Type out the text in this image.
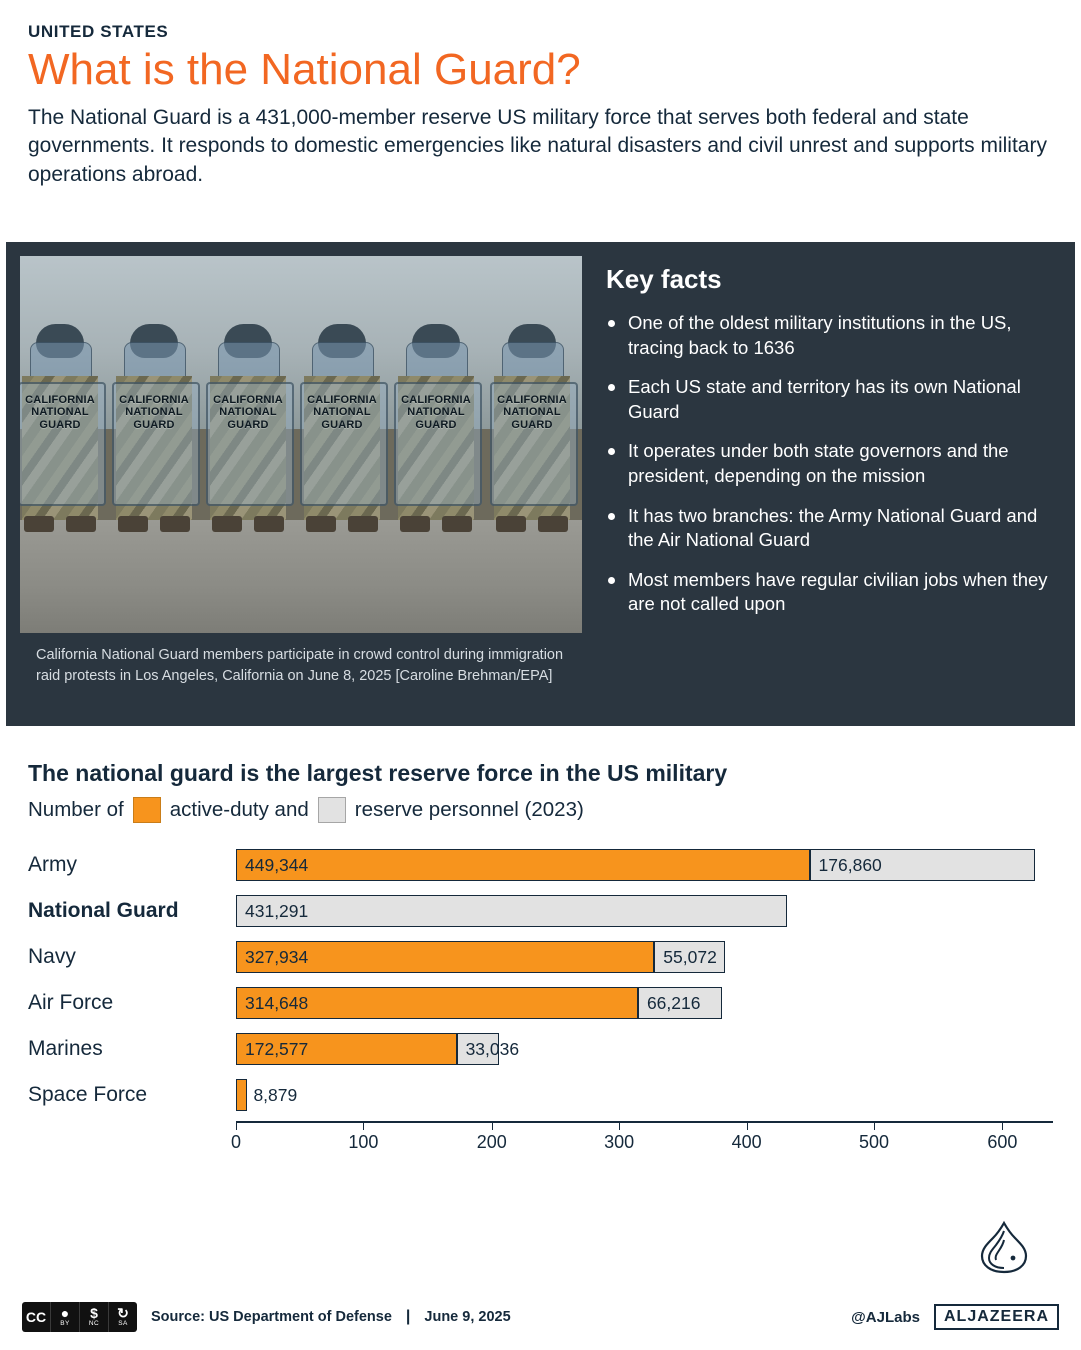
UNITED STATES
What is the National Guard?

The National Guard is a 431,000-member reserve US military force that serves both federal and state governments. It responds to domestic emergencies like natural disasters and civil unrest and supports military operations abroad.

CALIFORNIA NATIONAL GUARD
CALIFORNIA NATIONAL GUARD
CALIFORNIA NATIONAL GUARD
CALIFORNIA NATIONAL GUARD
CALIFORNIA NATIONAL GUARD
CALIFORNIA NATIONAL GUARD
California National Guard members participate in crowd control during immigration raid protests in Los Angeles, California on June 8, 2025 [Caroline Brehman/EPA]
Key facts
One of the oldest military institutions in the US, tracing back to 1636
Each US state and territory has its own National Guard
It operates under both state governors and the president, depending on the mission
It has two branches: the Army National Guard and the Air National Guard
Most members have regular civilian jobs when they are not called upon
The national guard is the largest reserve force in the US military
Number of active-duty and reserve personnel (2023)
Army	449,344	176,860
National Guard	431,291
Navy	327,934	55,072
Air Force	314,648	66,216
Marines	172,577	33,036
Space Force	8,879
0	100	200	300	400	500	600
CC ●
BY
$
NC
↻
SA Source: US Department of Defense | June 9, 2025	@AJLabs	ALJAZEERA
